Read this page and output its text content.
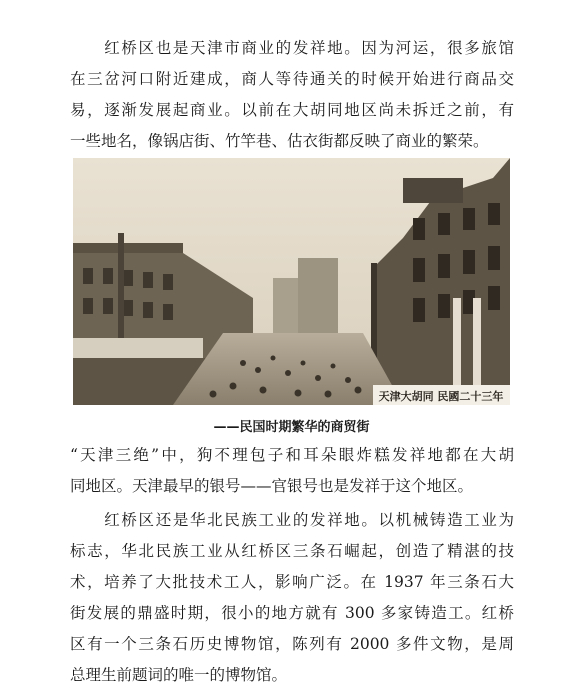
　　红桥区也是天津市商业的发祥地。因为河运，很多旅馆
在三岔河口附近建成，商人等待通关的时候开始进行商品交
易，逐渐发展起商业。以前在大胡同地区尚未拆迁之前，有
一些地名，像锅店街、竹竿巷、估衣街都反映了商业的繁荣。
天津大胡同 民國二十三年
——民国时期繁华的商贸街
“天津三绝”中，狗不理包子和耳朵眼炸糕发祥地都在大胡
同地区。天津最早的银号——官银号也是发祥于这个地区。
　　红桥区还是华北民族工业的发祥地。以机械铸造工业为
标志，华北民族工业从红桥区三条石崛起，创造了精湛的技
术，培养了大批技术工人，影响广泛。在 1937 年三条石大
街发展的鼎盛时期，很小的地方就有 300 多家铸造工。红桥
区有一个三条石历史博物馆，陈列有 2000 多件文物，是周
总理生前题词的唯一的博物馆。
